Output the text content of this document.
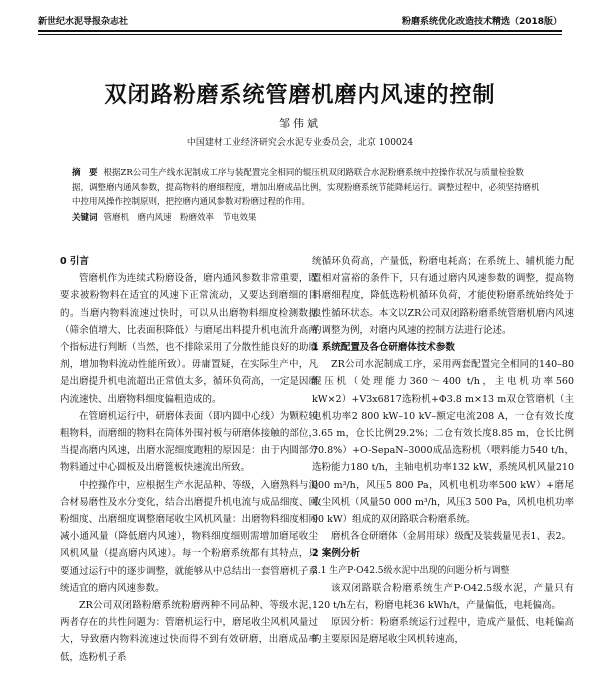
新世纪水泥导报杂志社	粉磨系统优化改造技术精选（2018版）
双闭路粉磨系统管磨机磨内风速的控制
邹伟斌
中国建材工业经济研究会水泥专业委员会，北京 100024
摘　要 根据ZR公司生产线水泥制成工序与装配置完全相同的辊压机双闭路联合水泥粉磨系统中控操作状况与质量检验数据，调整磨内通风参数，提高物料的磨细程度，增加出磨成品比例，实现粉磨系统节能降耗运行。调整过程中，必须坚持磨机中控用风操作控制原则，把控磨内通风参数对粉磨过程的作用。
关键词 管磨机　磨内风速　粉磨效率　节电效果

0 引言

管磨机作为连续式粉磨设备，磨内通风参数非常重要，既要求被粉物料在适宜的风速下正常流动，又要达到磨细的目的。当磨内物料流速过快时，可以从出磨物料细度检测数据（筛余值增大、比表面积降低）与磨尾出料提升机电流升高两个指标进行判断（当然，也不排除采用了分散性能良好的助磨剂，增加物料流动性能所致）。毋庸置疑，在实际生产中，凡是出磨提升机电流超出正常值太多，循环负荷高，一定是因磨内流速快、出磨物料细度偏粗造成的。

在管磨机运行中，研磨体表面（即内圆中心线）为颗粒较粗物料，而磨细的物料在筒体外围衬板与研磨体接触的部位，当提高磨内风速，出磨水泥细度跑粗的原因是：由于内圆部分物料通过中心圆板及出磨篦板快速流出所致。

中控操作中，应根据生产水泥品种、等级，入磨熟料与混合材易磨性及水分变化，结合出磨提升机电流与成品细度、回粉细度、出磨细度调整磨尾收尘风机风量：出磨物料细度相同减小通风量（降低磨内风速），物料细度细则需增加磨尾收尘风机风量（提高磨内风速）。每一个粉磨系统都有其特点，只要通过运行中的逐步调整，就能够从中总结出一套管磨机子系统适宜的磨内风速参数。

ZR公司双闭路粉磨系统粉磨两种不同品种、等级水泥，两者存在的共性问题为：管磨机运行中，磨尾收尘风机风量过大，导致磨内物料流速过快而得不到有效研磨，出磨成品率低，选粉机子系

统循环负荷高，产量低，粉磨电耗高；在系统上、辅机能力配置相对富裕的条件下，只有通过磨内风速参数的调整，提高物料磨细程度，降低选粉机循环负荷，才能使粉磨系统始终处于良性循环状态。本文以ZR公司双闭路粉磨系统管磨机磨内风速的调整为例，对磨内风速的控制方法进行论述。

1 系统配置及各仓研磨体技术参数

ZR公司水泥制成工序，采用两套配置完全相同的140–80辊压机（处理能力360～400 t/h，主电机功率560 kW×2）+V3x6817选粉机+Φ3.8 m×13 m双仓管磨机（主电机功率2 800 kW–10 kV–额定电流208 A，一仓有效长度3.65 m，仓长比例29.2%；二仓有效长度8.85 m，仓长比例70.8%）+O-SepaN–3000成品选粉机（喂料能力540 t/h，选粉能力180 t/h，主轴电机功率132 kW，系统风机风量210 000 m³/h，风压5 800 Pa，风机电机功率500 kW）+磨尾收尘风机（风量50 000 m³/h，风压3 500 Pa，风机电机功率90 kW）组成的双闭路联合粉磨系统。

磨机各仓研磨体（金屑用球）级配及装载量见表1、表2。

2 案例分析

2.1 生产P·O42.5级水泥中出现的问题分析与调整

该双闭路联合粉磨系统生产P·O42.5级水泥，产量只有120 t/h左右，粉磨电耗36 kWh/t，产量偏低，电耗偏高。

原因分析：粉磨系统运行过程中，造成产量低、电耗偏高的主要原因是磨尾收尘风机转速高，
